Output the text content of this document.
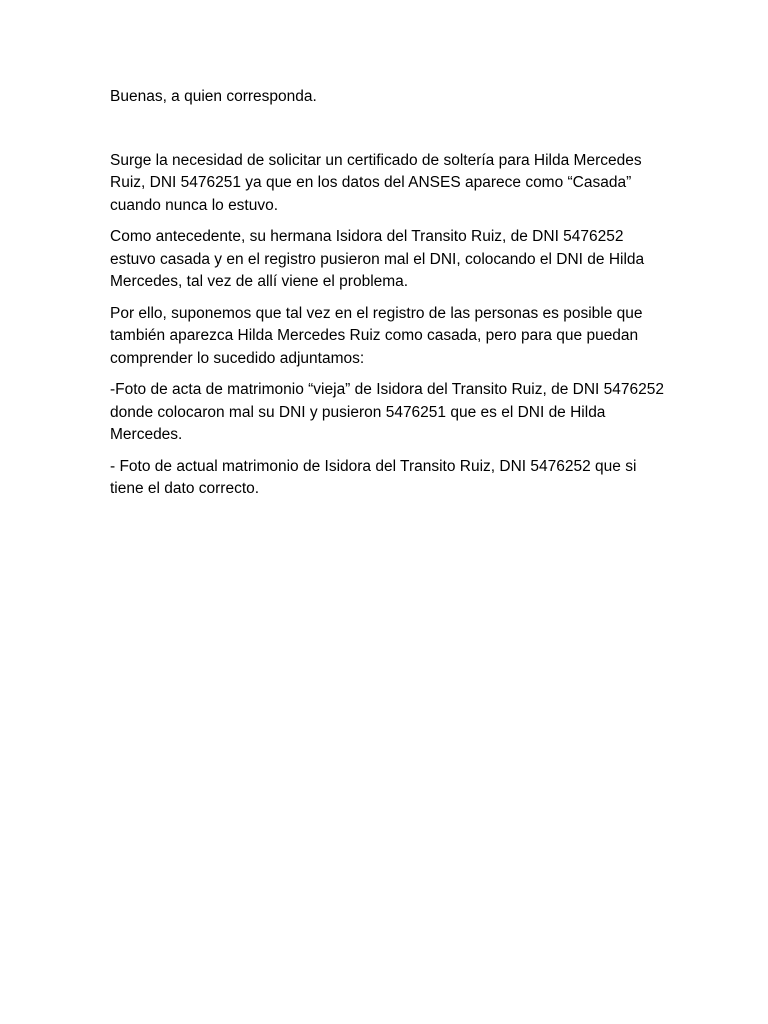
Buenas, a quien corresponda.

Surge la necesidad de solicitar un certificado de soltería para Hilda Mercedes Ruiz, DNI 5476251 ya que en los datos del ANSES aparece como “Casada” cuando nunca lo estuvo.

Como antecedente, su hermana Isidora del Transito Ruiz, de DNI 5476252 estuvo casada y en el registro pusieron mal el DNI, colocando el DNI de Hilda Mercedes, tal vez de allí viene el problema.

Por ello, suponemos que tal vez en el registro de las personas es posible que también aparezca Hilda Mercedes Ruiz como casada, pero para que puedan comprender lo sucedido adjuntamos:

-Foto de acta de matrimonio “vieja” de Isidora del Transito Ruiz, de DNI 5476252 donde colocaron mal su DNI y pusieron 5476251 que es el DNI de Hilda Mercedes.

- Foto de actual matrimonio de Isidora del Transito Ruiz, DNI 5476252 que si tiene el dato correcto.
